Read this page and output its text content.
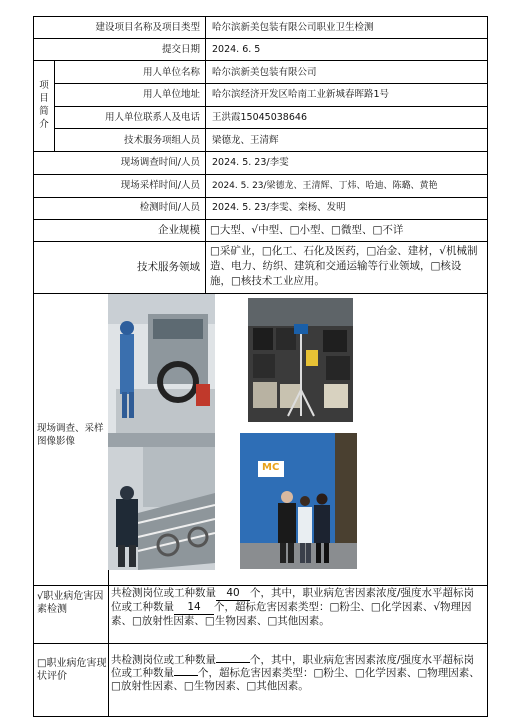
建设项目名称及项目类型 哈尔滨新美包装有限公司职业卫生检测
提交日期 2024. 6. 5
项目简介
用人单位名称 哈尔滨新美包装有限公司
用人单位地址 哈尔滨经济开发区哈南工业新城春晖路1号
用人单位联系人及电话 王洪霞15045038646
技术服务项组人员 梁德龙、王清辉
现场调查时间/人员 2024. 5. 23/李雯
现场采样时间/人员 2024. 5. 23/梁德龙、王清辉、丁炜、哈迪、陈璐、黄艳
检测时间/人员 2024. 5. 23/李雯、栾杨、发明
企业规模 □大型、√中型、□小型、□微型、□不详
技术服务领域
□采矿业，□化工、石化及医药，□冶金、建材，√机械制造、电力、纺织、建筑和交通运输等行业领域，□核设施，□核技术工业应用。
现场调查、采样图像影像
MC
√职业病危害因素检测
共检测岗位或工种数量 40 个，其中，职业病危害因素浓度/强度水平超标岗位或工种数量 14 个，超标危害因素类型：□粉尘、□化学因素、√物理因素、□放射性因素、□生物因素、□其他因素。
□职业病危害现状评价
共检测岗位或工种数量	个，其中，职业病危害因素浓度/强度水平超标岗位或工种数量 个，超标危害因素类型：□粉尘、□化学因素、□物理因素、□放射性因素、□生物因素、□其他因素。
